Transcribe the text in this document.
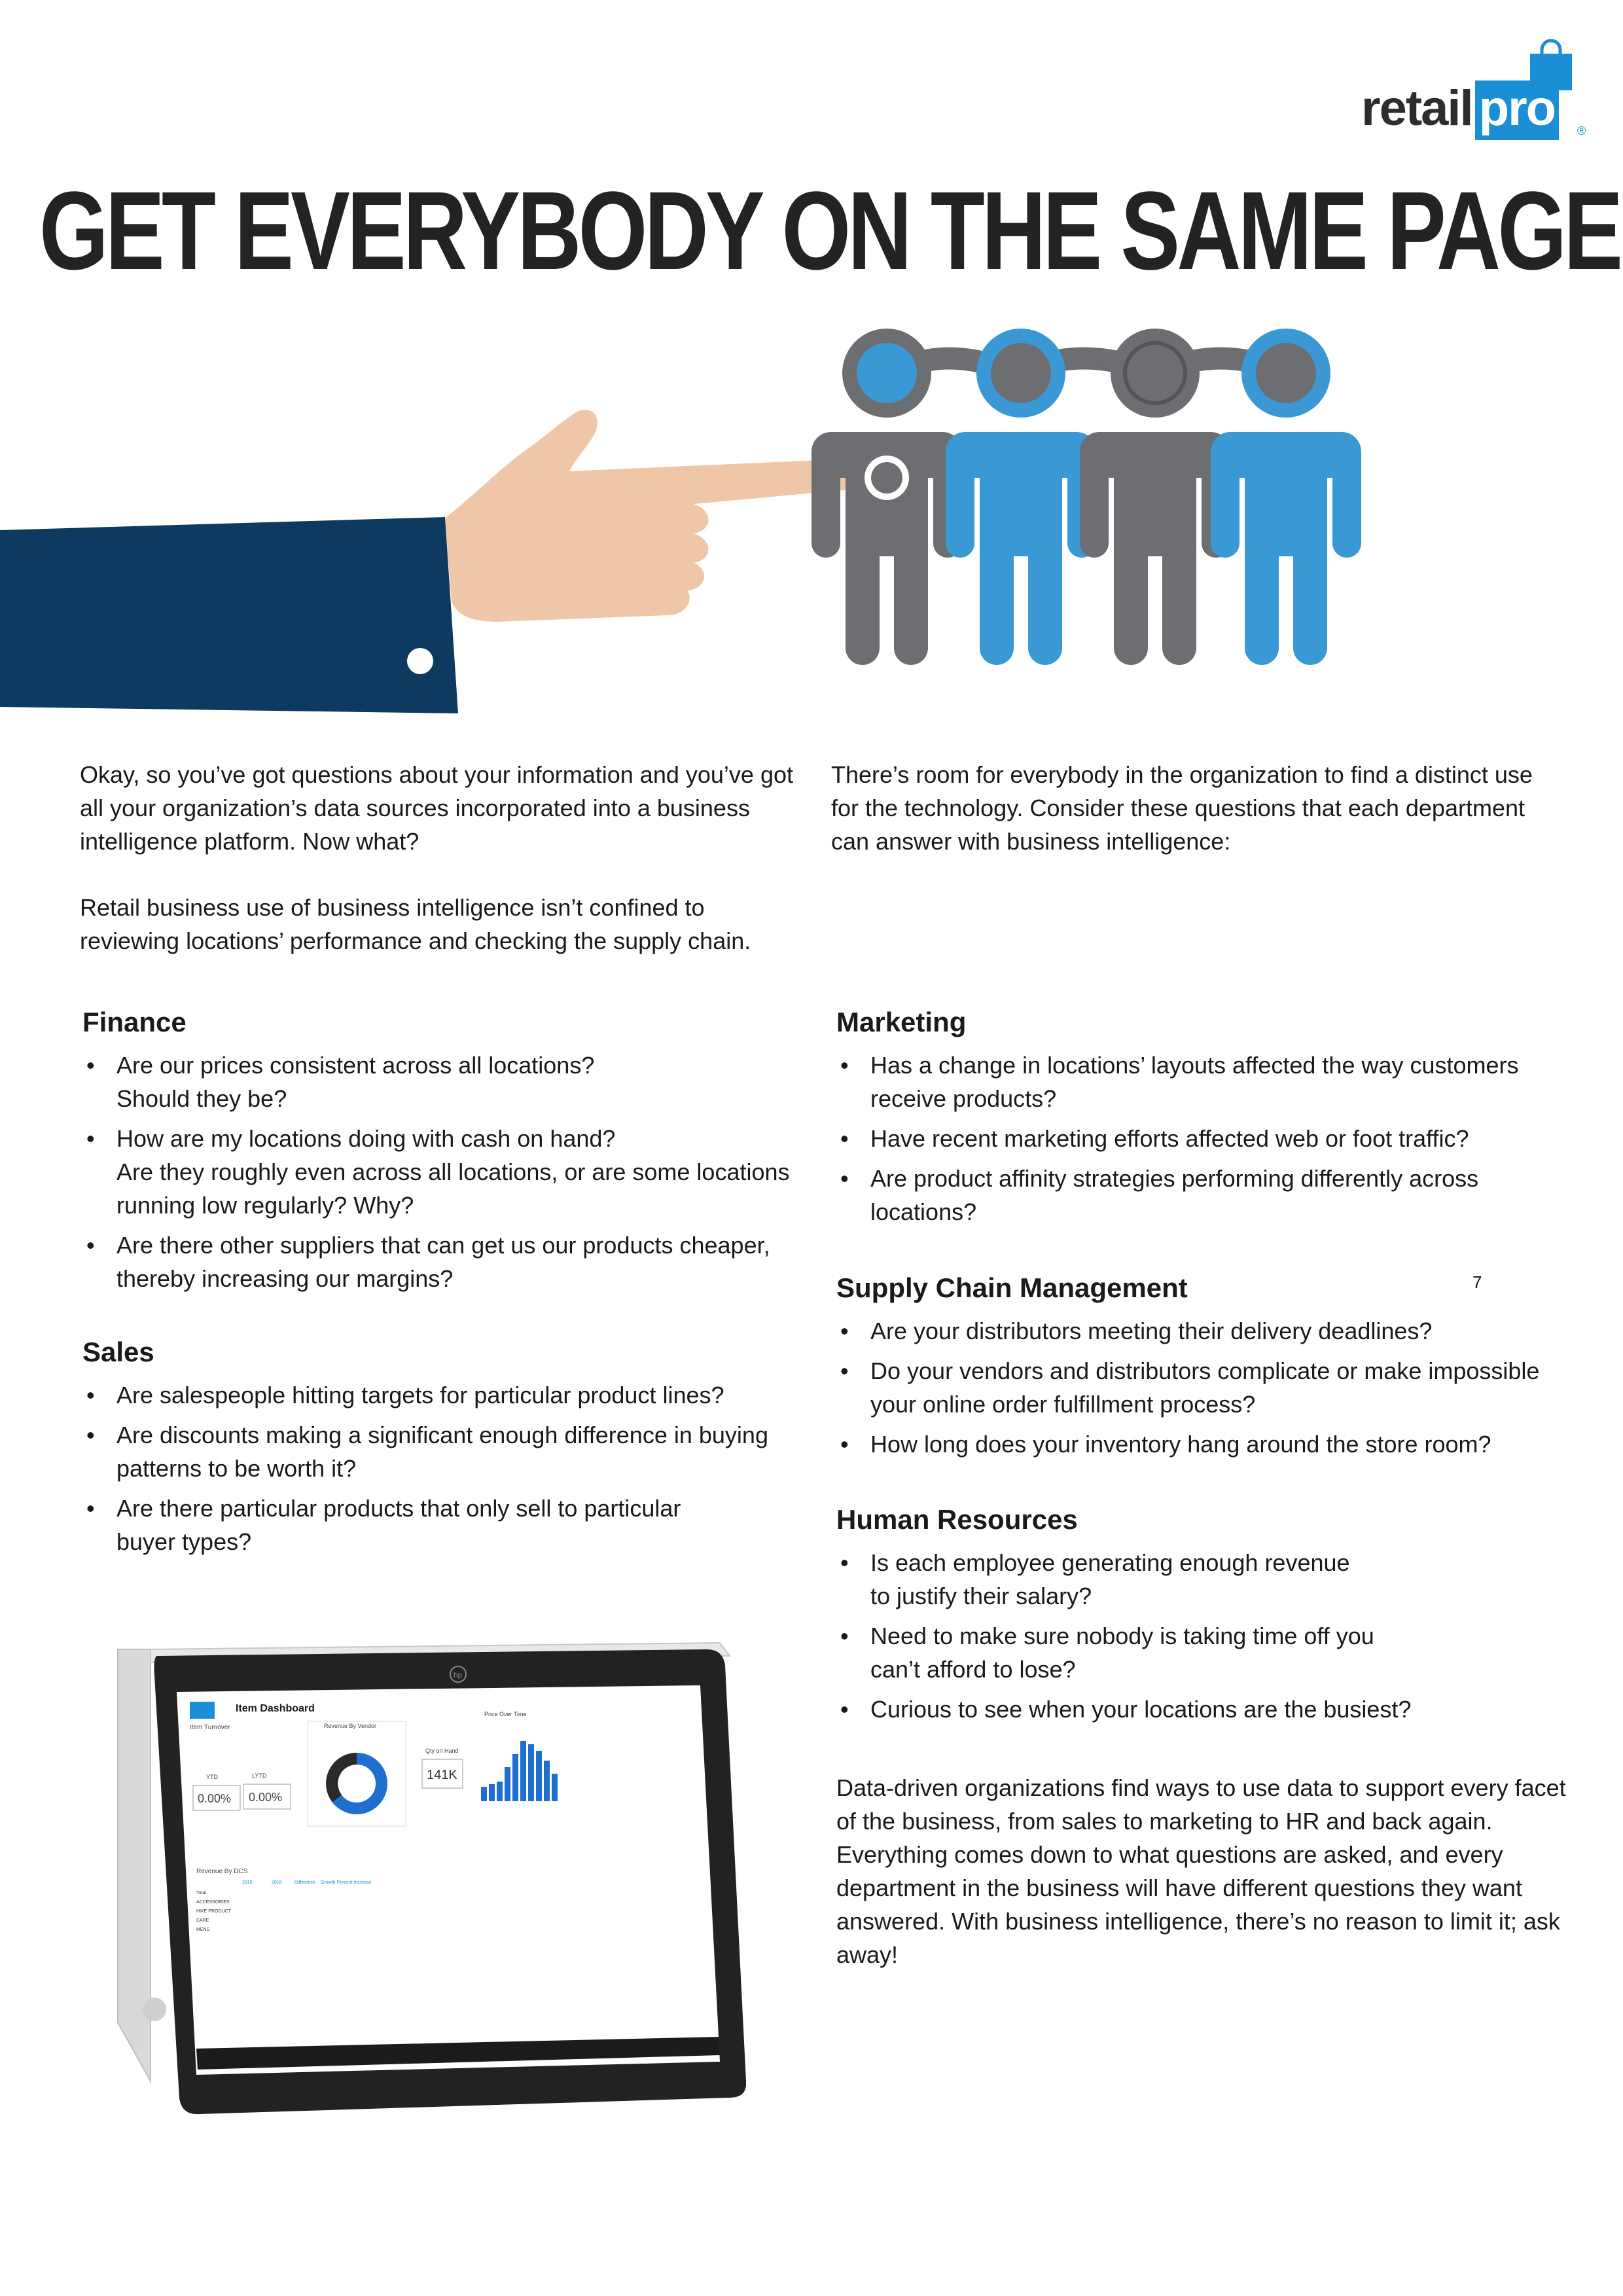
retail pro	®
GET EVERYBODY ON THE SAME PAGE

Okay, so you’ve got questions about your information and you’ve got all your organization’s data sources incorporated into a business intelligence platform. Now what?

Retail business use of business intelligence isn’t confined to reviewing locations’ performance and checking the supply chain.

There’s room for everybody in the organization to find a distinct use for the technology. Consider these questions that each department can answer with business intelligence:

Finance
• Are our prices consistent across all locations?
Should they be?
• How are my locations doing with cash on hand?
Are they roughly even across all locations, or are some locations running low regularly? Why?
• Are there other suppliers that can get us our products cheaper, thereby increasing our margins?
Sales
• Are salespeople hitting targets for particular product lines?
• Are discounts making a significant enough difference in buying patterns to be worth it?
• Are there particular products that only sell to particular
buyer types?
Marketing
• Has a change in locations’ layouts affected the way customers receive products?
• Have recent marketing efforts affected web or foot traffic?
• Are product affinity strategies performing differently across locations?
Supply Chain Management
• Are your distributors meeting their delivery deadlines?
• Do your vendors and distributors complicate or make impossible your online order fulfillment process?
• How long does your inventory hang around the store room?
7
Human Resources
• Is each employee generating enough revenue
to justify their salary?
• Need to make sure nobody is taking time off you
can’t afford to lose?
• Curious to see when your locations are the busiest?

Data-driven organizations find ways to use data to support every facet of the business, from sales to marketing to HR and back again. Everything comes down to what questions are asked, and every department in the business will have different questions they want answered. With business intelligence, there’s no reason to limit it; ask away!

hp
Item Dashboard
Item Turnover
YTD	LYTD
0.00% 0.00%
Revenue By Vendor
Qty on Hand
141K
Price Over Time
Revenue By DCS
2015	2016	Difference Growth Percent Increase
Total
ACCESSORIES
HIKE PRODUCT
CARE
MENS
